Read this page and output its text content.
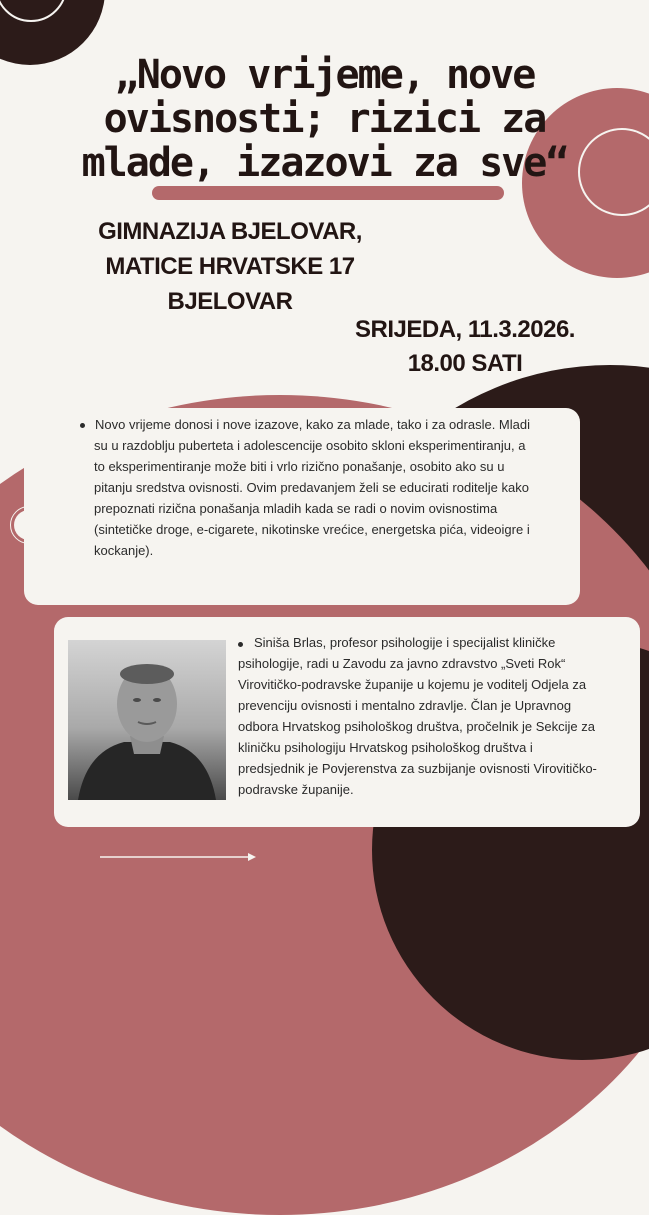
„Novo vrijeme, nove
ovisnosti; rizici za
mlade, izazovi za sve“
GIMNAZIJA BJELOVAR,
MATICE HRVATSKE 17
BJELOVAR
SRIJEDA, 11.3.2026.
18.00 SATI
Novo vrijeme donosi i nove izazove, kako za mlade, tako i za odrasle. Mladi
su u razdoblju puberteta i adolescencije osobito skloni eksperimentiranju, a
to eksperimentiranje može biti i vrlo rizično ponašanje, osobito ako su u
pitanju sredstva ovisnosti. Ovim predavanjem želi se educirati roditelje kako
prepoznati rizična ponašanja mladih kada se radi o novim ovisnostima
(sintetičke droge, e-cigarete, nikotinske vrećice, energetska pića, videoigre i
kockanje).
Siniša Brlas, profesor psihologije i specijalist kliničke
psihologije, radi u Zavodu za javno zdravstvo „Sveti Rok“
Virovitičko-podravske županije u kojemu je voditelj Odjela za
prevenciju ovisnosti i mentalno zdravlje. Član je Upravnog
odbora Hrvatskog psihološkog društva, pročelnik je Sekcije za
kliničku psihologiju Hrvatskog psihološkog društva i
predsjednik je Povjerenstva za suzbijanje ovisnosti Virovitičko-
podravske županije.
